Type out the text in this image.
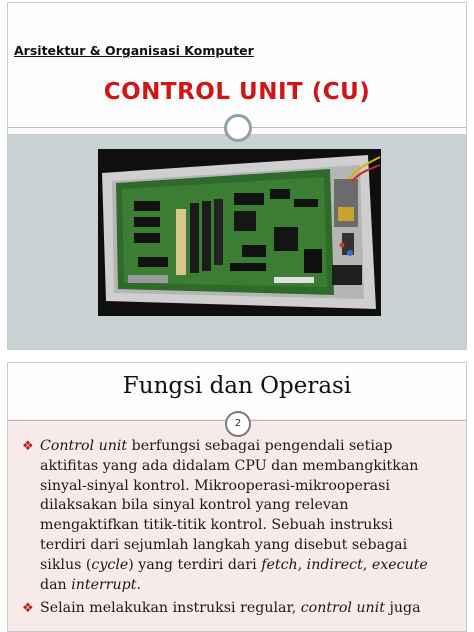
Arsitektur & Organisasi Komputer
CONTROL UNIT (CU)
Fungsi dan Operasi
2
❖ Control unit berfungsi sebagai pengendali setiap
aktifitas yang ada didalam CPU dan membangkitkan
sinyal-sinyal kontrol. Mikrooperasi-mikrooperasi
dilaksakan bila sinyal kontrol yang relevan
mengaktifkan titik-titik kontrol. Sebuah instruksi
terdiri dari sejumlah langkah yang disebut sebagai
siklus (cycle) yang terdiri dari fetch, indirect, execute
dan interrupt.
❖ Selain melakukan instruksi regular, control unit juga
